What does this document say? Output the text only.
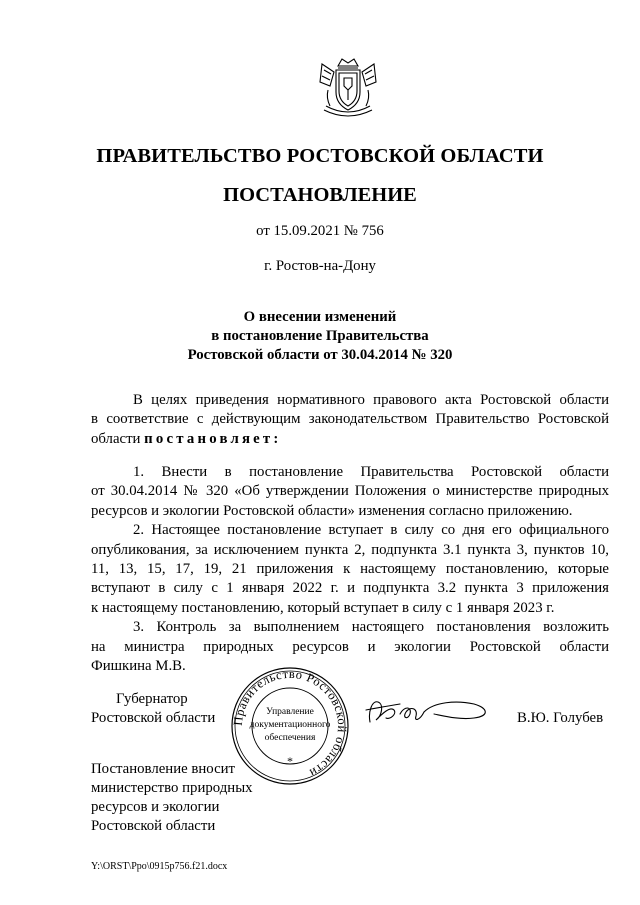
ПРАВИТЕЛЬСТВО РОСТОВСКОЙ ОБЛАСТИ
ПОСТАНОВЛЕНИЕ
от 15.09.2021 № 756
г. Ростов-на-Дону
О внесении изменений
в постановление Правительства
Ростовской области от 30.04.2014 № 320
В целях приведения нормативного правового акта Ростовской области
в соответствие с действующим законодательством Правительство Ростовской
области постановляет:
1. Внести в постановление Правительства Ростовской области
от 30.04.2014 № 320 «Об утверждении Положения о министерстве природных
ресурсов и экологии Ростовской области» изменения согласно приложению.
2. Настоящее постановление вступает в силу со дня его официального
опубликования, за исключением пункта 2, подпункта 3.1 пункта 3, пунктов 10,
11, 13, 15, 17, 19, 21 приложения к настоящему постановлению, которые
вступают в силу с 1 января 2022 г. и подпункта 3.2 пункта 3 приложения
к настоящему постановлению, который вступает в силу с 1 января 2023 г.
3. Контроль за выполнением настоящего постановления возложить
на министра природных ресурсов и экологии Ростовской области
Фишкина М.В.
Губернатор
Ростовской области	В.Ю. Голубев
Правительство Ростовской области
*
Управление
документационного
обеспечения
Постановление вносит
министерство природных
ресурсов и экологии
Ростовской области
Y:\ORST\Ppo\0915p756.f21.docx
